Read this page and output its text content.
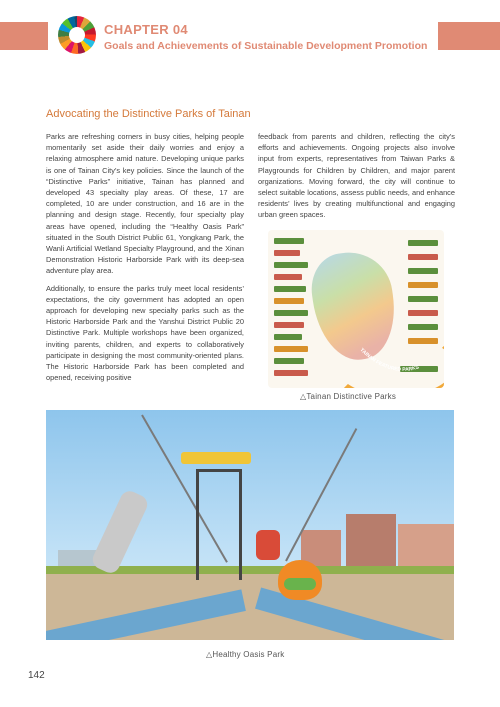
CHAPTER 04
Goals and Achievements of Sustainable Development Promotion
Advocating the Distinctive Parks of Tainan

Parks are refreshing corners in busy cities, helping people momentarily set aside their daily worries and enjoy a relaxing atmosphere amid nature. Developing unique parks is one of Tainan City’s key policies. Since the launch of the “Distinctive Parks” initiative, Tainan has planned and developed 43 specialty play areas. Of these, 17 are completed, 10 are under construction, and 16 are in the planning and design stage. Recently, four specialty play areas have opened, including the “Healthy Oasis Park” situated in the South District Public 61, Yongkang Park, the Wanli Artificial Wetland Specialty Playground, and the Xinan Demonstration Historic Harborside Park with its deep-sea adventure play area.

Additionally, to ensure the parks truly meet local residents’ expectations, the city government has adopted an open approach for developing new specialty parks such as the Historic Harborside Park and the Yanshui District Public 20 Distinctive Park. Multiple workshops have been organized, inviting parents, children, and experts to collaboratively participate in designing the most community-oriented plans. The Historic Harborside Park has been completed and opened, receiving positive

feedback from parents and children, reflecting the city’s efforts and achievements. Ongoing projects also involve input from experts, representatives from Taiwan Parks & Playgrounds for Children by Children, and major parent organizations. Moving forward, the city will continue to select suitable locations, assess public needs, and enhance residents’ lives by creating multifunctional and engaging urban green spaces.

TAINAN FEATURED PARKS
△Tainan Distinctive Parks
△Healthy Oasis Park
142
